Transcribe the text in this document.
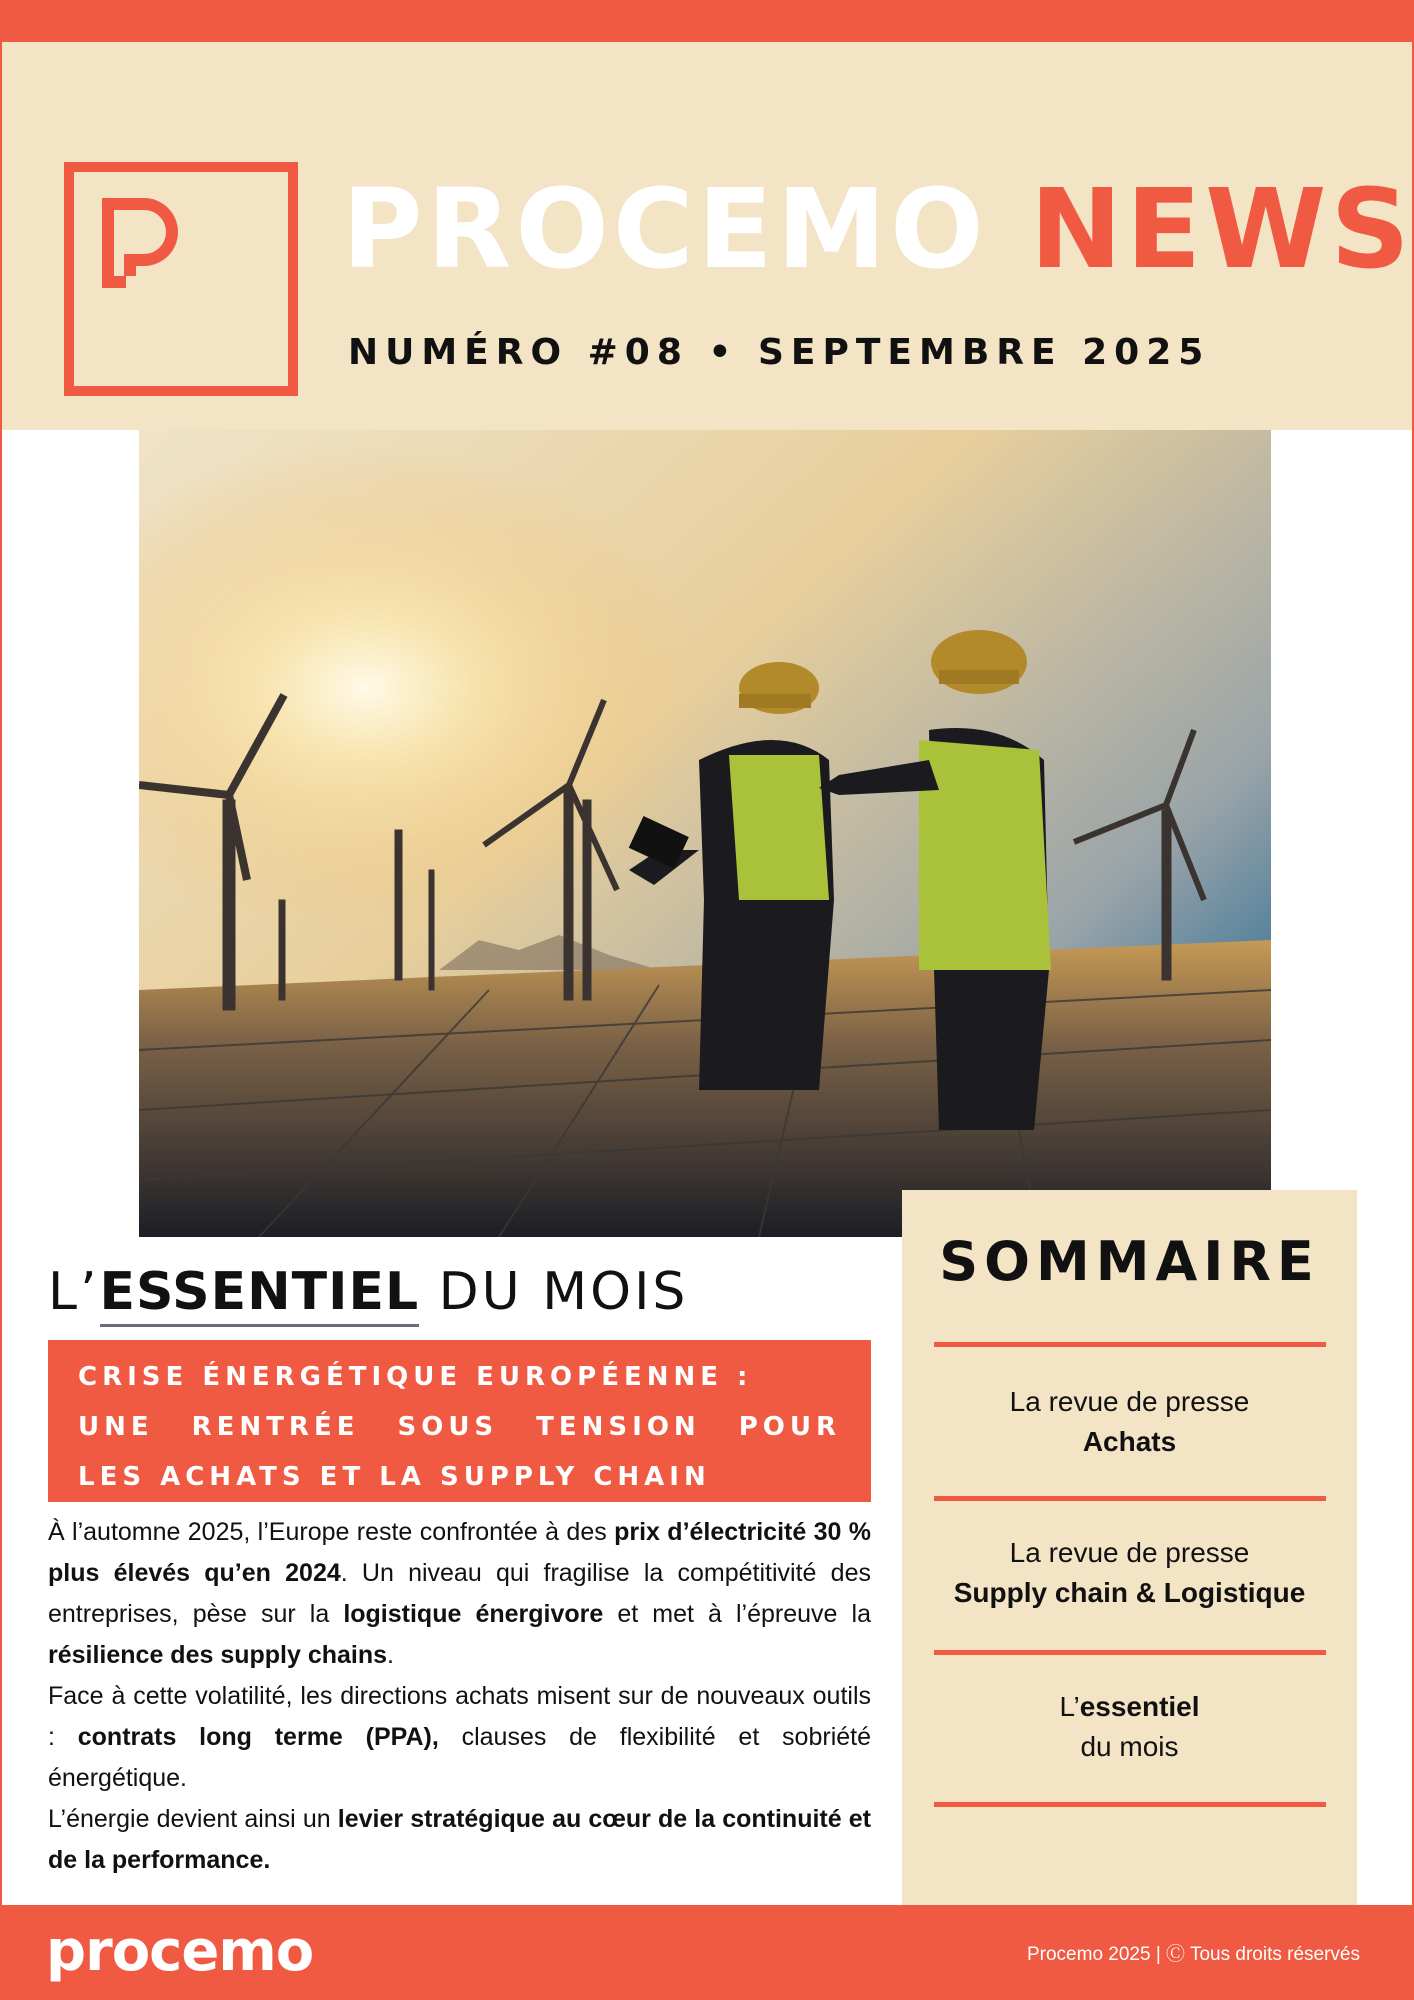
PROCEMO NEWS
NUMÉRO #08 • SEPTEMBRE 2025
SOMMAIRE
La revue de presse
Achats
La revue de presse
Supply chain & Logistique
L’essentiel
du mois
L’ESSENTIEL DU MOIS
CRISE ÉNERGÉTIQUE EUROPÉENNE :
UNE RENTRÉE SOUS TENSION POUR
LES ACHATS ET LA SUPPLY CHAIN

À l’automne 2025, l’Europe reste confrontée à des prix d’électricité 30 % plus élevés qu’en 2024. Un niveau qui fragilise la compétitivité des entreprises, pèse sur la logistique énergivore et met à l’épreuve la résilience des supply chains.

Face à cette volatilité, les directions achats misent sur de nouveaux outils : contrats long terme (PPA), clauses de flexibilité et sobriété énergétique.

L’énergie devient ainsi un levier stratégique au cœur de la continuité et de la performance.

procemo	Procemo 2025 | Ⓒ Tous droits réservés
